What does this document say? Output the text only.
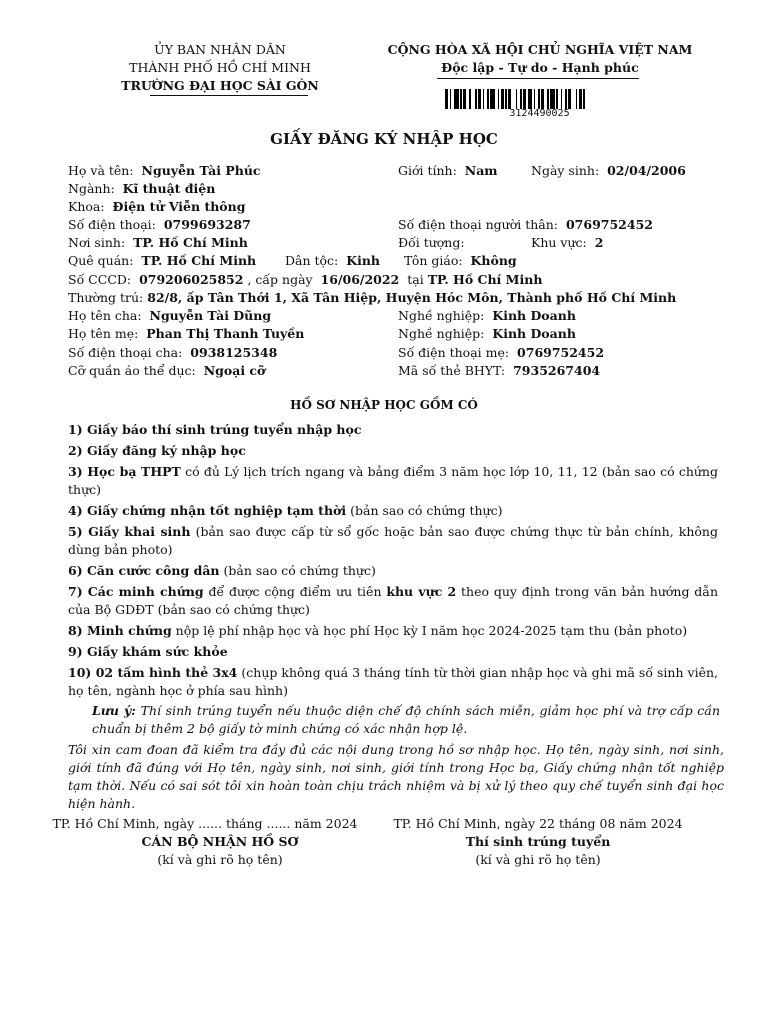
ỦY BAN NHÂN DÂN
THÀNH PHỐ HỒ CHÍ MINH
TRƯỜNG ĐẠI HỌC SÀI GÒN
CỘNG HÒA XÃ HỘI CHỦ NGHĨA VIỆT NAM
Độc lập - Tự do - Hạnh phúc
3124490025
GIẤY ĐĂNG KÝ NHẬP HỌC
Họ và tên: Nguyễn Tài Phúc	Giới tính: Nam	Ngày sinh: 02/04/2006
Ngành: Kĩ thuật điện
Khoa: Điện tử Viễn thông
Số điện thoại: 0799693287	Số điện thoại người thân: 0769752452
Nơi sinh: TP. Hồ Chí Minh	Đối tượng:	Khu vực: 2
Quê quán: TP. Hồ Chí Minh Dân tộc: Kinh Tôn giáo: Không
Số CCCD: 079206025852 , cấp ngày 16/06/2022 tại TP. Hồ Chí Minh
Thường trú: 82/8, ấp Tân Thới 1, Xã Tân Hiệp, Huyện Hóc Môn, Thành phố Hồ Chí Minh
Họ tên cha: Nguyễn Tài Dũng	Nghề nghiệp: Kinh Doanh
Họ tên mẹ: Phan Thị Thanh Tuyền	Nghề nghiệp: Kinh Doanh
Số điện thoại cha: 0938125348	Số điện thoại mẹ: 0769752452
Cỡ quần áo thể dục: Ngoại cỡ	Mã số thẻ BHYT: 7935267404
HỒ SƠ NHẬP HỌC GỒM CÓ
1) Giấy báo thí sinh trúng tuyển nhập học
2) Giấy đăng ký nhập học
3) Học bạ THPT có đủ Lý lịch trích ngang và bảng điểm 3 năm học lớp 10, 11, 12 (bản sao có chứng thực)
4) Giấy chứng nhận tốt nghiệp tạm thời (bản sao có chứng thực)
5) Giấy khai sinh (bản sao được cấp từ sổ gốc hoặc bản sao được chứng thực từ bản chính, không dùng bản photo)
6) Căn cước công dân (bản sao có chứng thực)
7) Các minh chứng để được cộng điểm ưu tiên khu vực 2 theo quy định trong văn bản hướng dẫn của Bộ GDĐT (bản sao có chứng thực)
8) Minh chứng nộp lệ phí nhập học và học phí Học kỳ I năm học 2024-2025 tạm thu (bản photo)
9) Giấy khám sức khỏe
10) 02 tấm hình thẻ 3x4 (chụp không quá 3 tháng tính từ thời gian nhập học và ghi mã số sinh viên, họ tên, ngành học ở phía sau hình)
Lưu ý: Thí sinh trúng tuyển nếu thuộc diện chế độ chính sách miễn, giảm học phí và trợ cấp cần chuẩn bị thêm 2 bộ giấy tờ minh chứng có xác nhận hợp lệ.
Tôi xin cam đoan đã kiểm tra đầy đủ các nội dung trong hồ sơ nhập học. Họ tên, ngày sinh, nơi sinh, giới tính đã đúng với Họ tên, ngày sinh, nơi sinh, giới tính trong Học bạ, Giấy chứng nhận tốt nghiệp tạm thời. Nếu có sai sót tôi xin hoàn toàn chịu trách nhiệm và bị xử lý theo quy chế tuyển sinh đại học hiện hành.
TP. Hồ Chí Minh, ngày ...... tháng ...... năm 2024
CÁN BỘ NHẬN HỒ SƠ
(kí và ghi rõ họ tên)
TP. Hồ Chí Minh, ngày 22 tháng 08 năm 2024
Thí sinh trúng tuyển
(kí và ghi rõ họ tên)
